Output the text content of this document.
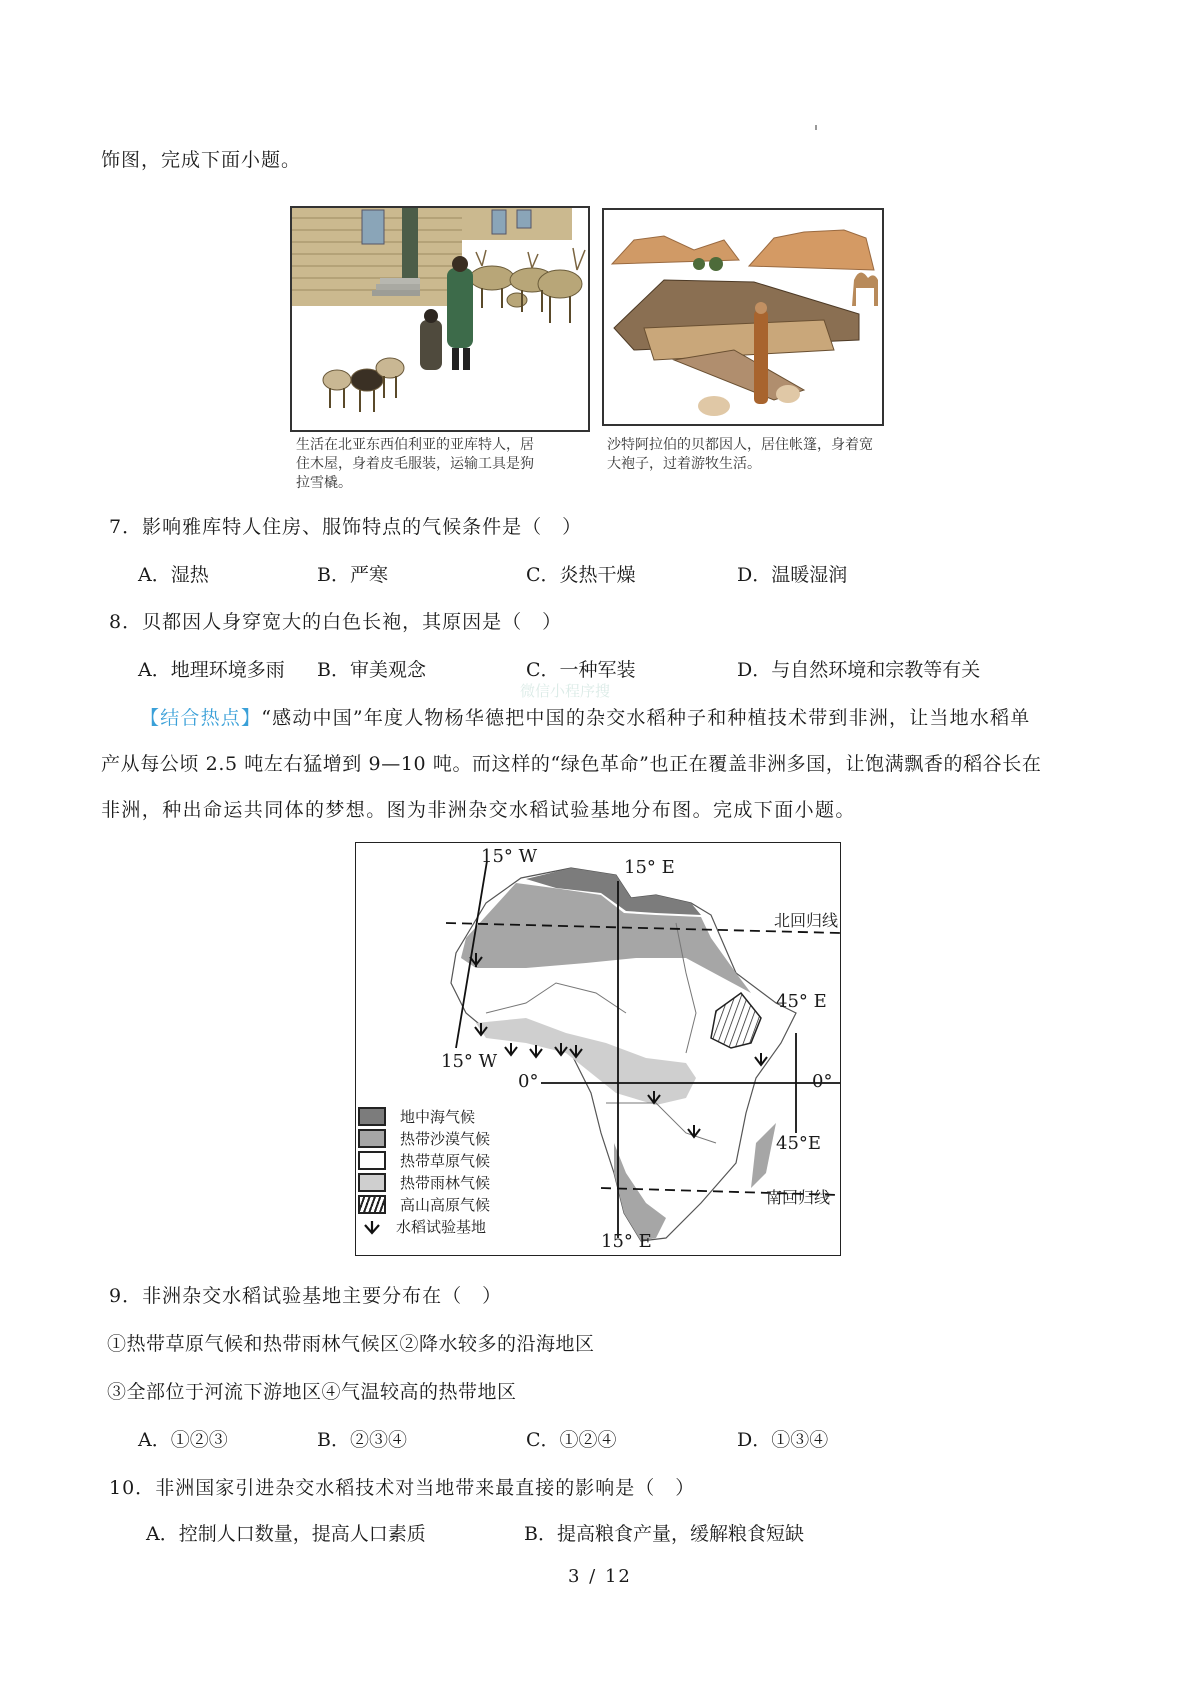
饰图，完成下面小题。
生活在北亚东西伯利亚的亚库特人，居
住木屋，身着皮毛服装，运输工具是狗
拉雪橇。
沙特阿拉伯的贝都因人，居住帐篷，身着宽
大袍子，过着游牧生活。
7．影响雅库特人住房、服饰特点的气候条件是（　）
A．湿热	B．严寒	C．炎热干燥	D．温暖湿润
8．贝都因人身穿宽大的白色长袍，其原因是（　）
A．地理环境多雨 B．审美观念	C．一种军装	D．与自然环境和宗教等有关
微信小程序搜
【结合热点】“感动中国”年度人物杨华德把中国的杂交水稻种子和种植技术带到非洲，让当地水稻单
产从每公顷 2.5 吨左右猛增到 9—10 吨。而这样的“绿色革命”也正在覆盖非洲多国，让饱满飘香的稻谷长在
非洲，种出命运共同体的梦想。图为非洲杂交水稻试验基地分布图。完成下面小题。
15° W
15° E
北回归线
45° E
15° W
0°	0°
45°E
南回归线
15° E
地中海气候
热带沙漠气候
热带草原气候
热带雨林气候
高山高原气候
水稻试验基地
9．非洲杂交水稻试验基地主要分布在（　）
①热带草原气候和热带雨林气候区②降水较多的沿海地区
③全部位于河流下游地区④气温较高的热带地区
A．①②③	B．②③④	C．①②④	D．①③④
10．非洲国家引进杂交水稻技术对当地带来最直接的影响是（　）
A．控制人口数量，提高人口素质	B．提高粮食产量，缓解粮食短缺
3 / 12
